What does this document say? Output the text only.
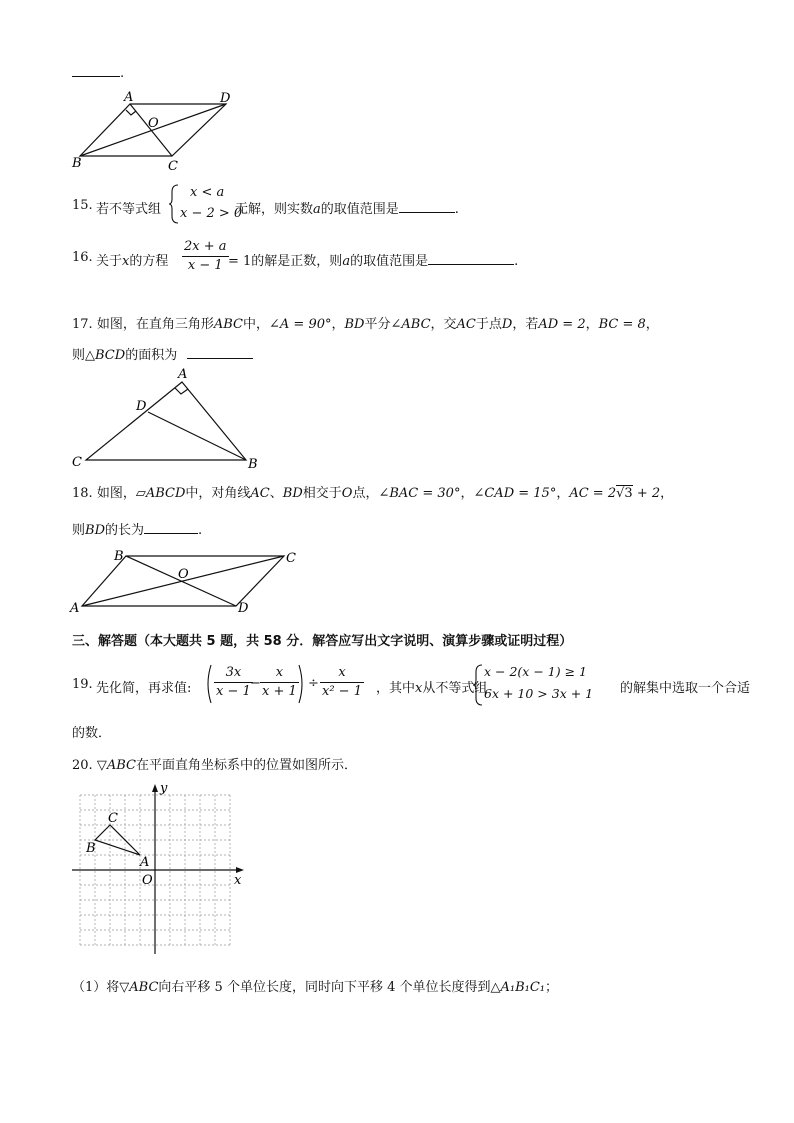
.
A	D
O
B	C
15. 若不等式组
x < a
x − 2 > 0
无解，则实数a的取值范围是	.
16. 关于x的方程 $\frac{2x + a}{x - 1} = 1$的解是正数，则a的取值范围是	.
17. 如图，在直角三角形ABC中，∠A = 90°，BD平分∠ABC，交AC于点D，若AD = 2，BC = 8，
则△BCD的面积为
A
D
C	B
18. 如图，▱ABCD中，对角线AC、BD相交于O点，∠BAC = 30°，∠CAD = 15°，AC = 2√3 + 2，
则BD的长为	.
B	C
O
A	D
三、解答题（本大题共 5 题，共 58 分．解答应写出文字说明、演算步骤或证明过程）
19. 先化简，再求值: $\frac{3x}{x - 1}$
− $\frac{x}{x + 1} \div \frac{x}{\text{x² − 1}}$ ，其中x从不等式组
x − 2(x − 1) ≥ 1
6x + 10 > 3x + 1 的解集中选取一个合适
的数．
20. ▽ABC在平面直角坐标系中的位置如图所示．
y
x
O
A
B
C
（1）将▽ABC向右平移 5 个单位长度，同时向下平移 4 个单位长度得到△A₁B₁C₁；
